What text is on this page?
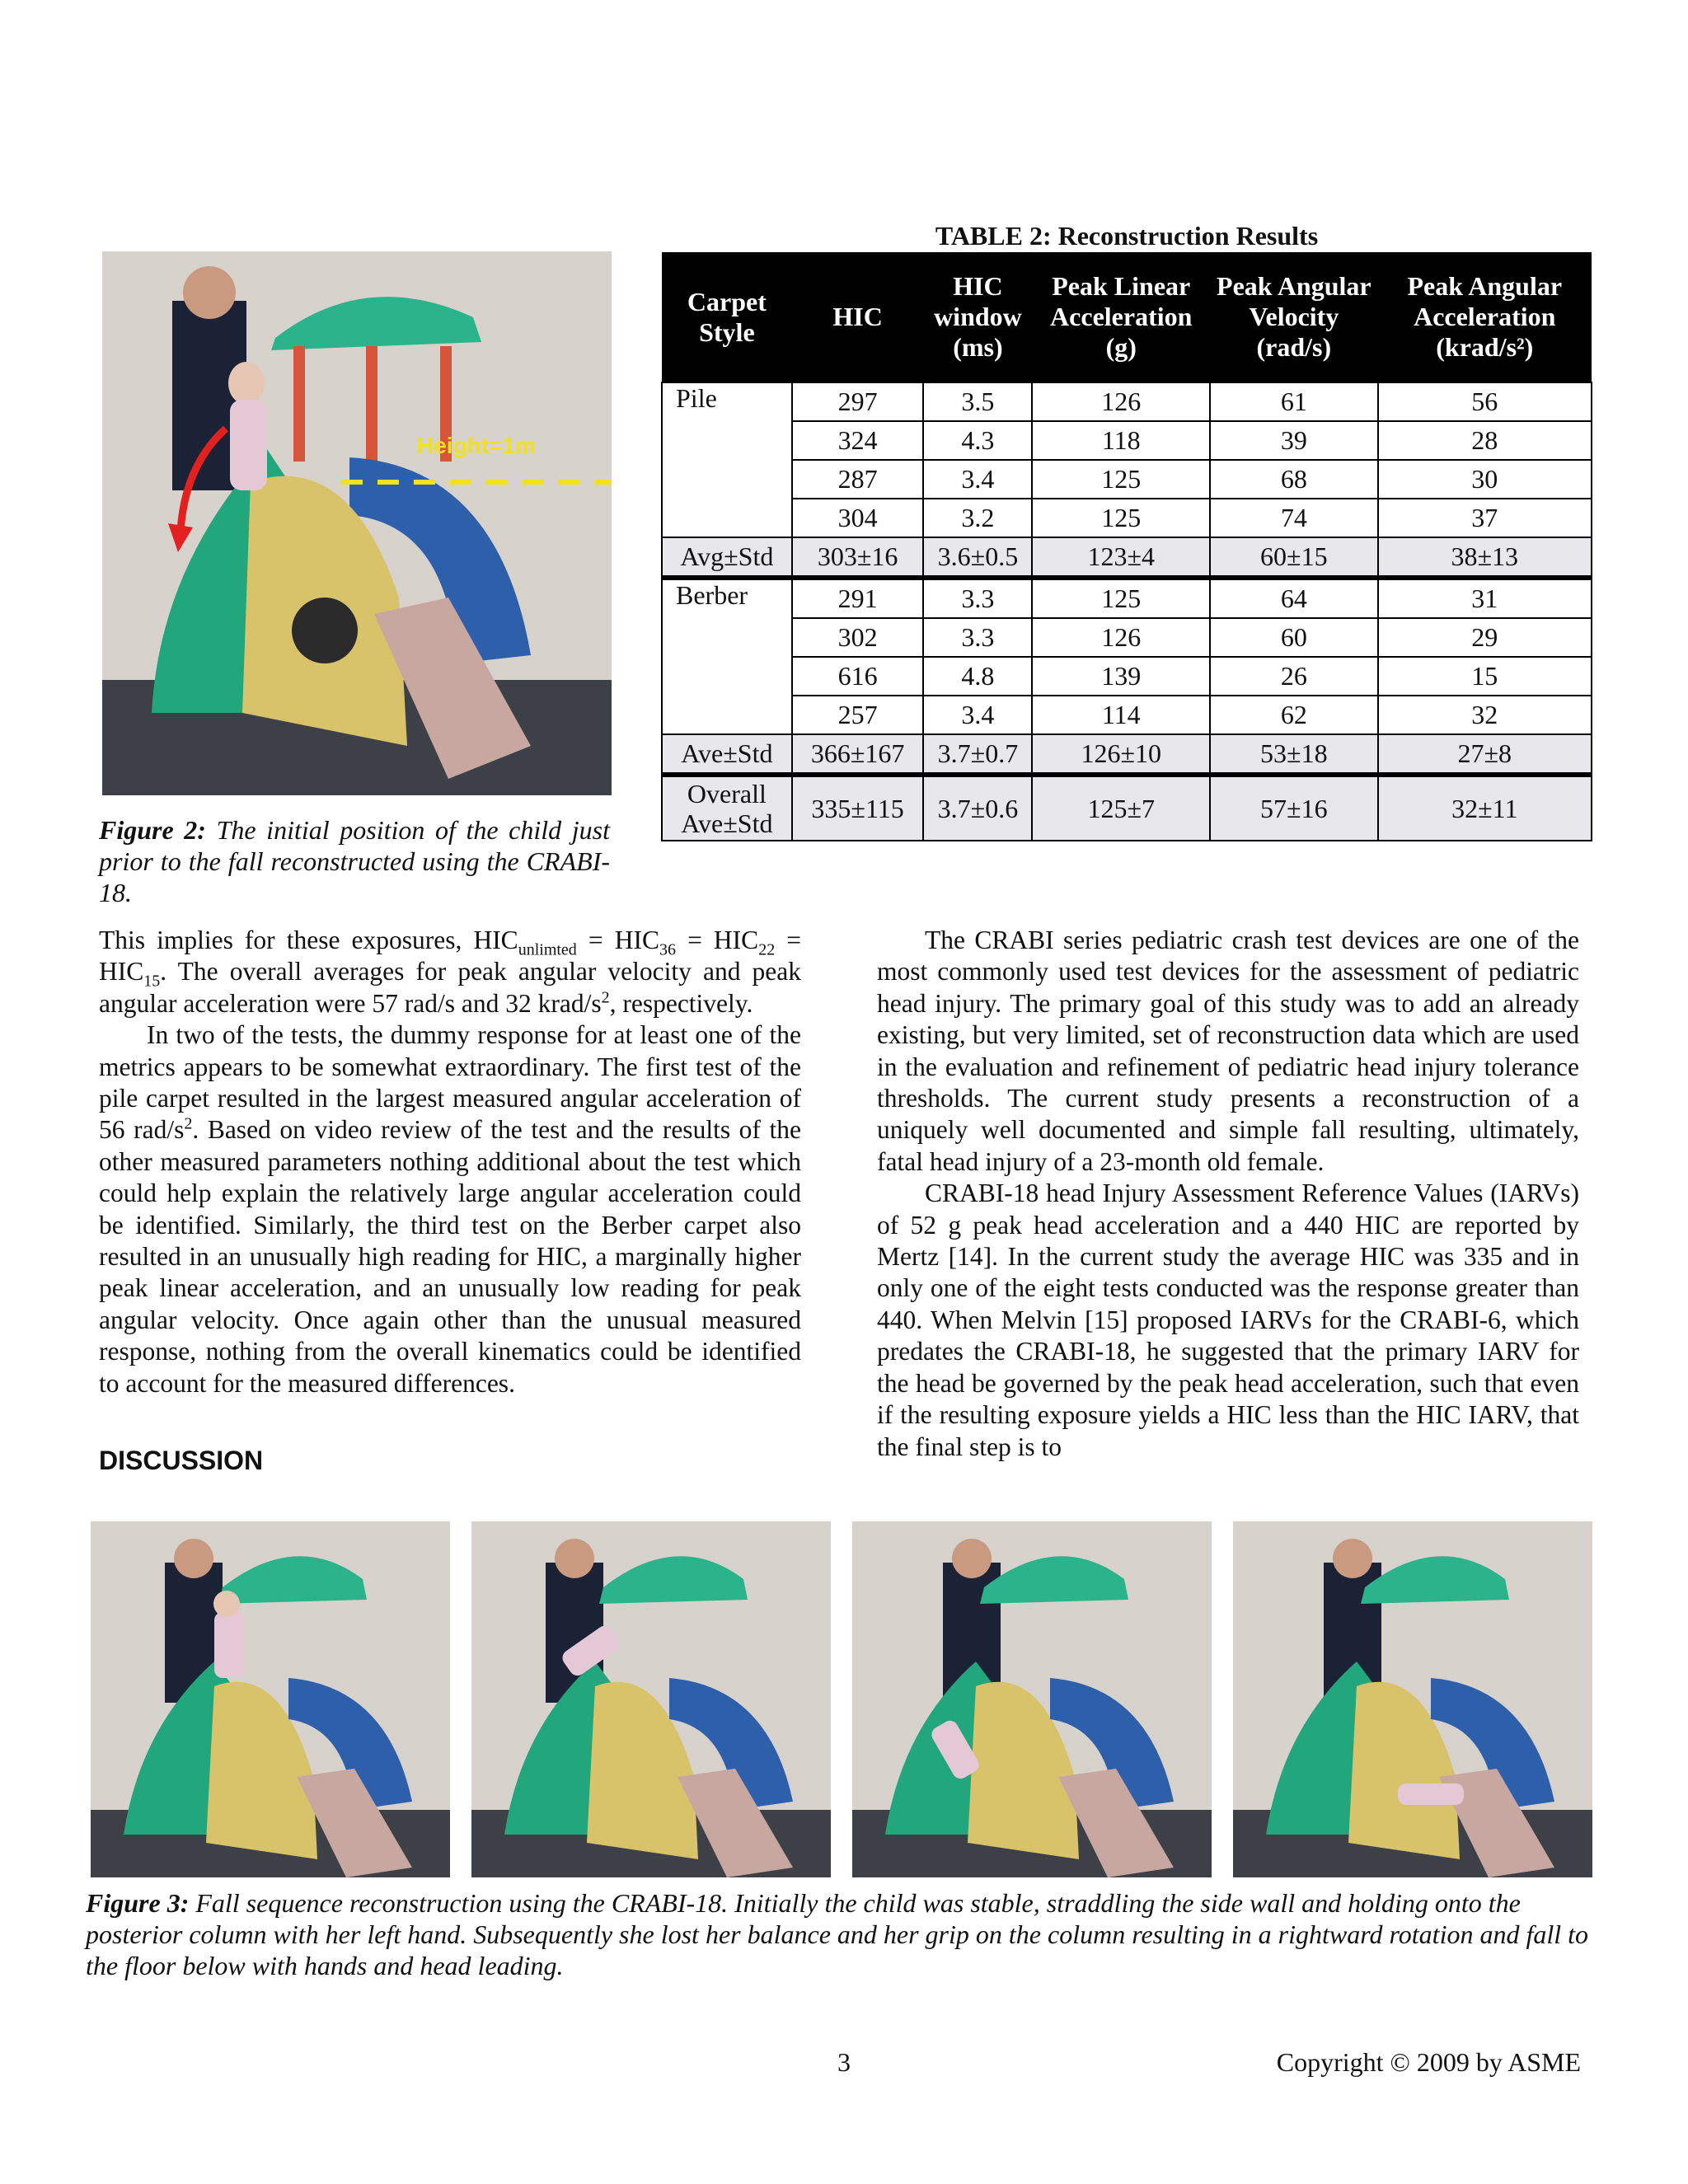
Height=1m
Figure 2: The initial position of the child just prior to the fall reconstructed using the CRABI-18.
TABLE 2: Reconstruction Results
Carpet Style	HIC	HIC window (ms)	Peak Linear Acceleration (g)	Peak Angular Velocity (rad/s)	Peak Angular Acceleration (krad/s²)
Pile	297	3.5	126	61	56
	324	4.3	118	39	28
	287	3.4	125	68	30
	304	3.2	125	74	37
Avg±Std	303±16	3.6±0.5	123±4	60±15	38±13
Berber	291	3.3	125	64	31
	302	3.3	126	60	29
	616	4.8	139	26	15
	257	3.4	114	62	32
Ave±Std	366±167	3.7±0.7	126±10	53±18	27±8
Overall Ave±Std	335±115	3.7±0.6	125±7	57±16	32±11

This implies for these exposures, $HIC_{unlimted} = HIC_{36} = HIC_{22} = HIC_{15}$. The overall averages for peak angular velocity and peak angular acceleration were 57 rad/s and 32 krad/$s^2$, respectively.

In two of the tests, the dummy response for at least one of the metrics appears to be somewhat extraordinary. The first test of the pile carpet resulted in the largest measured angular acceleration of 56 rad/$s^2$. Based on video review of the test and the results of the other measured parameters nothing additional about the test which could help explain the relatively large angular acceleration could be identified. Similarly, the third test on the Berber carpet also resulted in an unusually high reading for HIC, a marginally higher peak linear acceleration, and an unusually low reading for peak angular velocity. Once again other than the unusual measured response, nothing from the overall kinematics could be identified to account for the measured differences.

DISCUSSION

The CRABI series pediatric crash test devices are one of the most commonly used test devices for the assessment of pediatric head injury. The primary goal of this study was to add an already existing, but very limited, set of reconstruction data which are used in the evaluation and refinement of pediatric head injury tolerance thresholds. The current study presents a reconstruction of a uniquely well documented and simple fall resulting, ultimately, fatal head injury of a 23-month old female.

CRABI-18 head Injury Assessment Reference Values (IARVs) of 52 g peak head acceleration and a 440 HIC are reported by Mertz [14]. In the current study the average HIC was 335 and in only one of the eight tests conducted was the response greater than 440. When Melvin [15] proposed IARVs for the CRABI-6, which predates the CRABI-18, he suggested that the primary IARV for the head be governed by the peak head acceleration, such that even if the resulting exposure yields a HIC less than the HIC IARV, that the final step is to

Figure 3: Fall sequence reconstruction using the CRABI-18. Initially the child was stable, straddling the side wall and holding onto the posterior column with her left hand. Subsequently she lost her balance and her grip on the column resulting in a rightward rotation and fall to the floor below with hands and head leading.
3	Copyright © 2009 by ASME
